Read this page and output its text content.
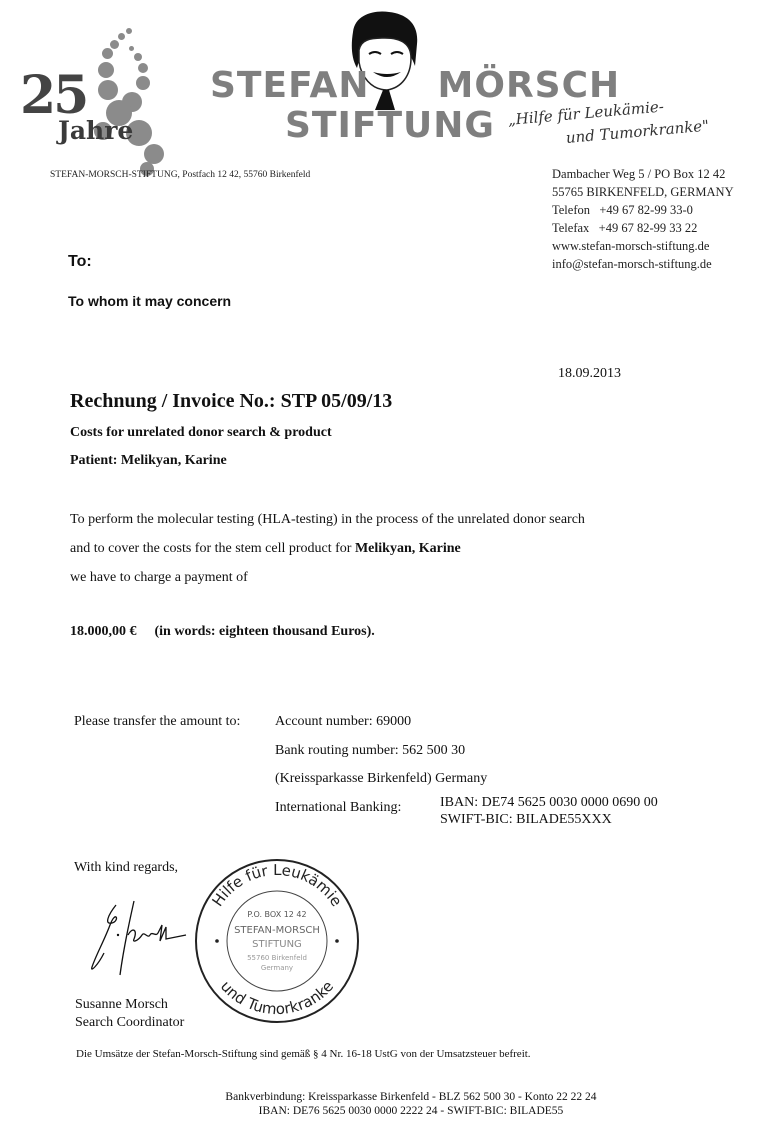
25
Jahre
STEFAN MÖRSCH
STIFTUNG „Hilfe für Leukämie-
und Tumorkranke"
STEFAN-MORSCH-STIFTUNG, Postfach 12 42, 55760 Birkenfeld	Dambacher Weg 5 / PO Box 12 42
55765 BIRKENFELD, GERMANY
Telefon   +49 67 82-99 33-0
Telefax   +49 67 82-99 33 22
www.stefan-morsch-stiftung.de
info@stefan-morsch-stiftung.de
To:
To whom it may concern
18.09.2013
Rechnung / Invoice No.: STP 05/09/13
Costs for unrelated donor search & product
Patient: Melikyan, Karine
To perform the molecular testing (HLA-testing) in the process of the unrelated donor search
and to cover the costs for the stem cell product for Melikyan, Karine
we have to charge a payment of
18.000,00 € (in words: eighteen thousand Euros).
Please transfer the amount to: Account number: 69000
Bank routing number: 562 500 30
(Kreissparkasse Birkenfeld) Germany
International Banking:	IBAN: DE74 5625 0030 0000 0690 00
SWIFT-BIC: BILADE55XXX
With kind regards,
Susanne Morsch
Search Coordinator
Hilfe für Leukämie
und Tumorkranke
P.O. BOX 12 42
STEFAN-MORSCH
STIFTUNG
55760 Birkenfeld
Germany
Die Umsätze der Stefan-Morsch-Stiftung sind gemäß § 4 Nr. 16-18 UstG von der Umsatzsteuer befreit.
Bankverbindung: Kreissparkasse Birkenfeld - BLZ 562 500 30 - Konto 22 22 24
IBAN: DE76 5625 0030 0000 2222 24 - SWIFT-BIC: BILADE55
